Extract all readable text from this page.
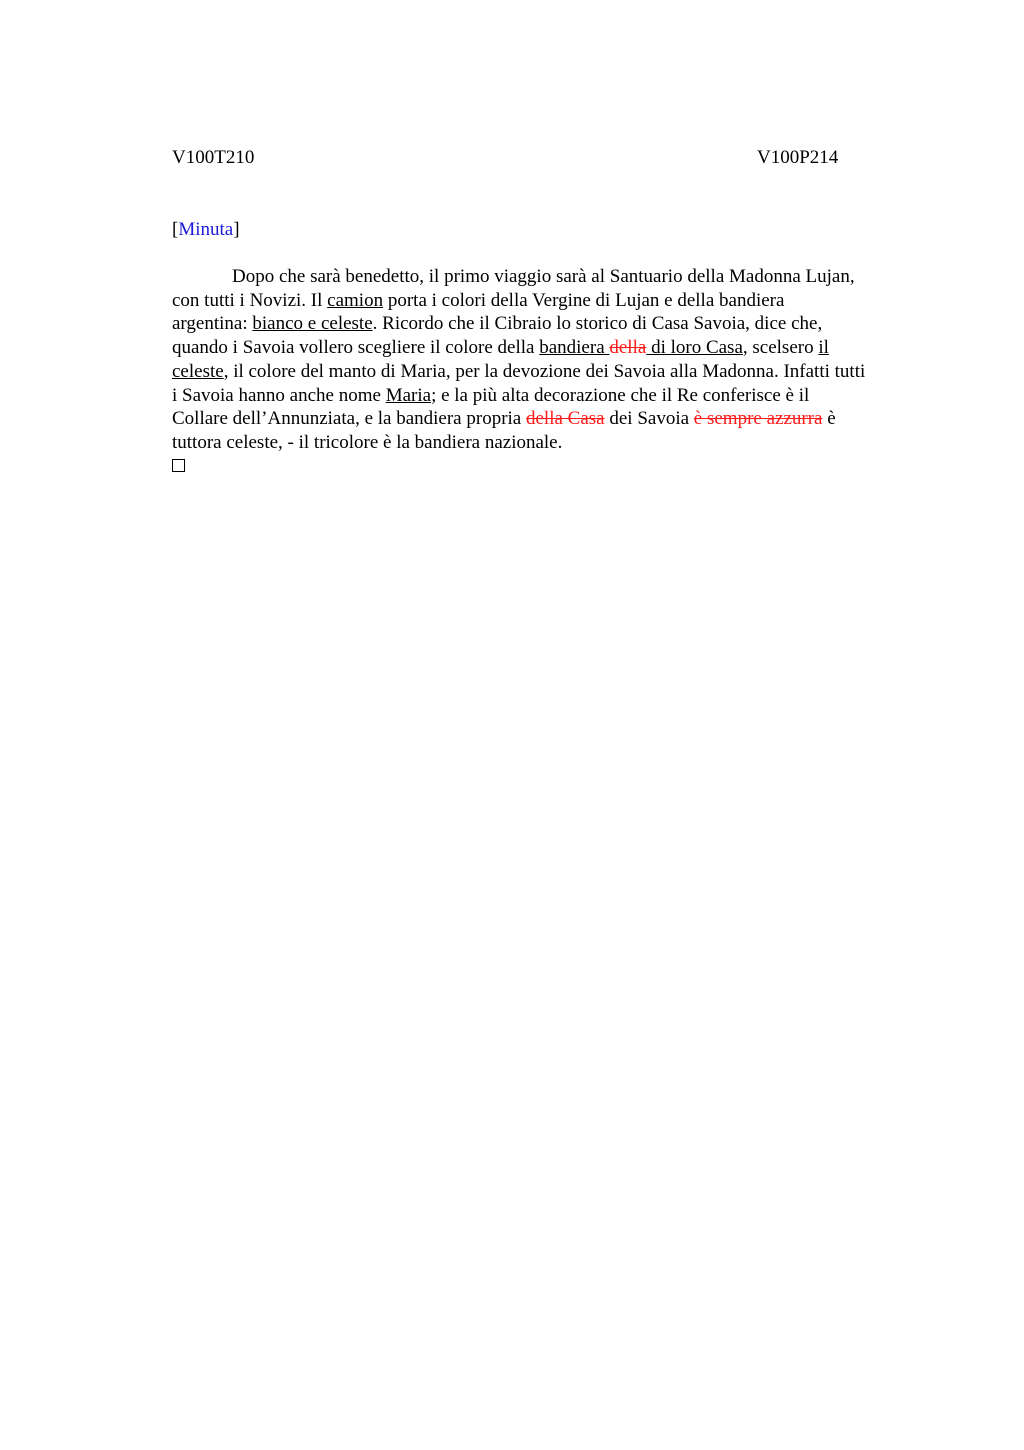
V100T210	V100P214
[Minuta]
Dopo che sarà benedetto, il primo viaggio sarà al Santuario della Madonna Lujan,
con tutti i Novizi. Il camion porta i colori della Vergine di Lujan e della bandiera
argentina: bianco e celeste. Ricordo che il Cibraio lo storico di Casa Savoia, dice che,
quando i Savoia vollero scegliere il colore della bandiera della di loro Casa, scelsero il
celeste, il colore del manto di Maria, per la devozione dei Savoia alla Madonna. Infatti tutti
i Savoia hanno anche nome Maria; e la più alta decorazione che il Re conferisce è il
Collare dell’Annunziata, e la bandiera propria della Casa dei Savoia è sempre azzurra è
tuttora celeste, - il tricolore è la bandiera nazionale.
